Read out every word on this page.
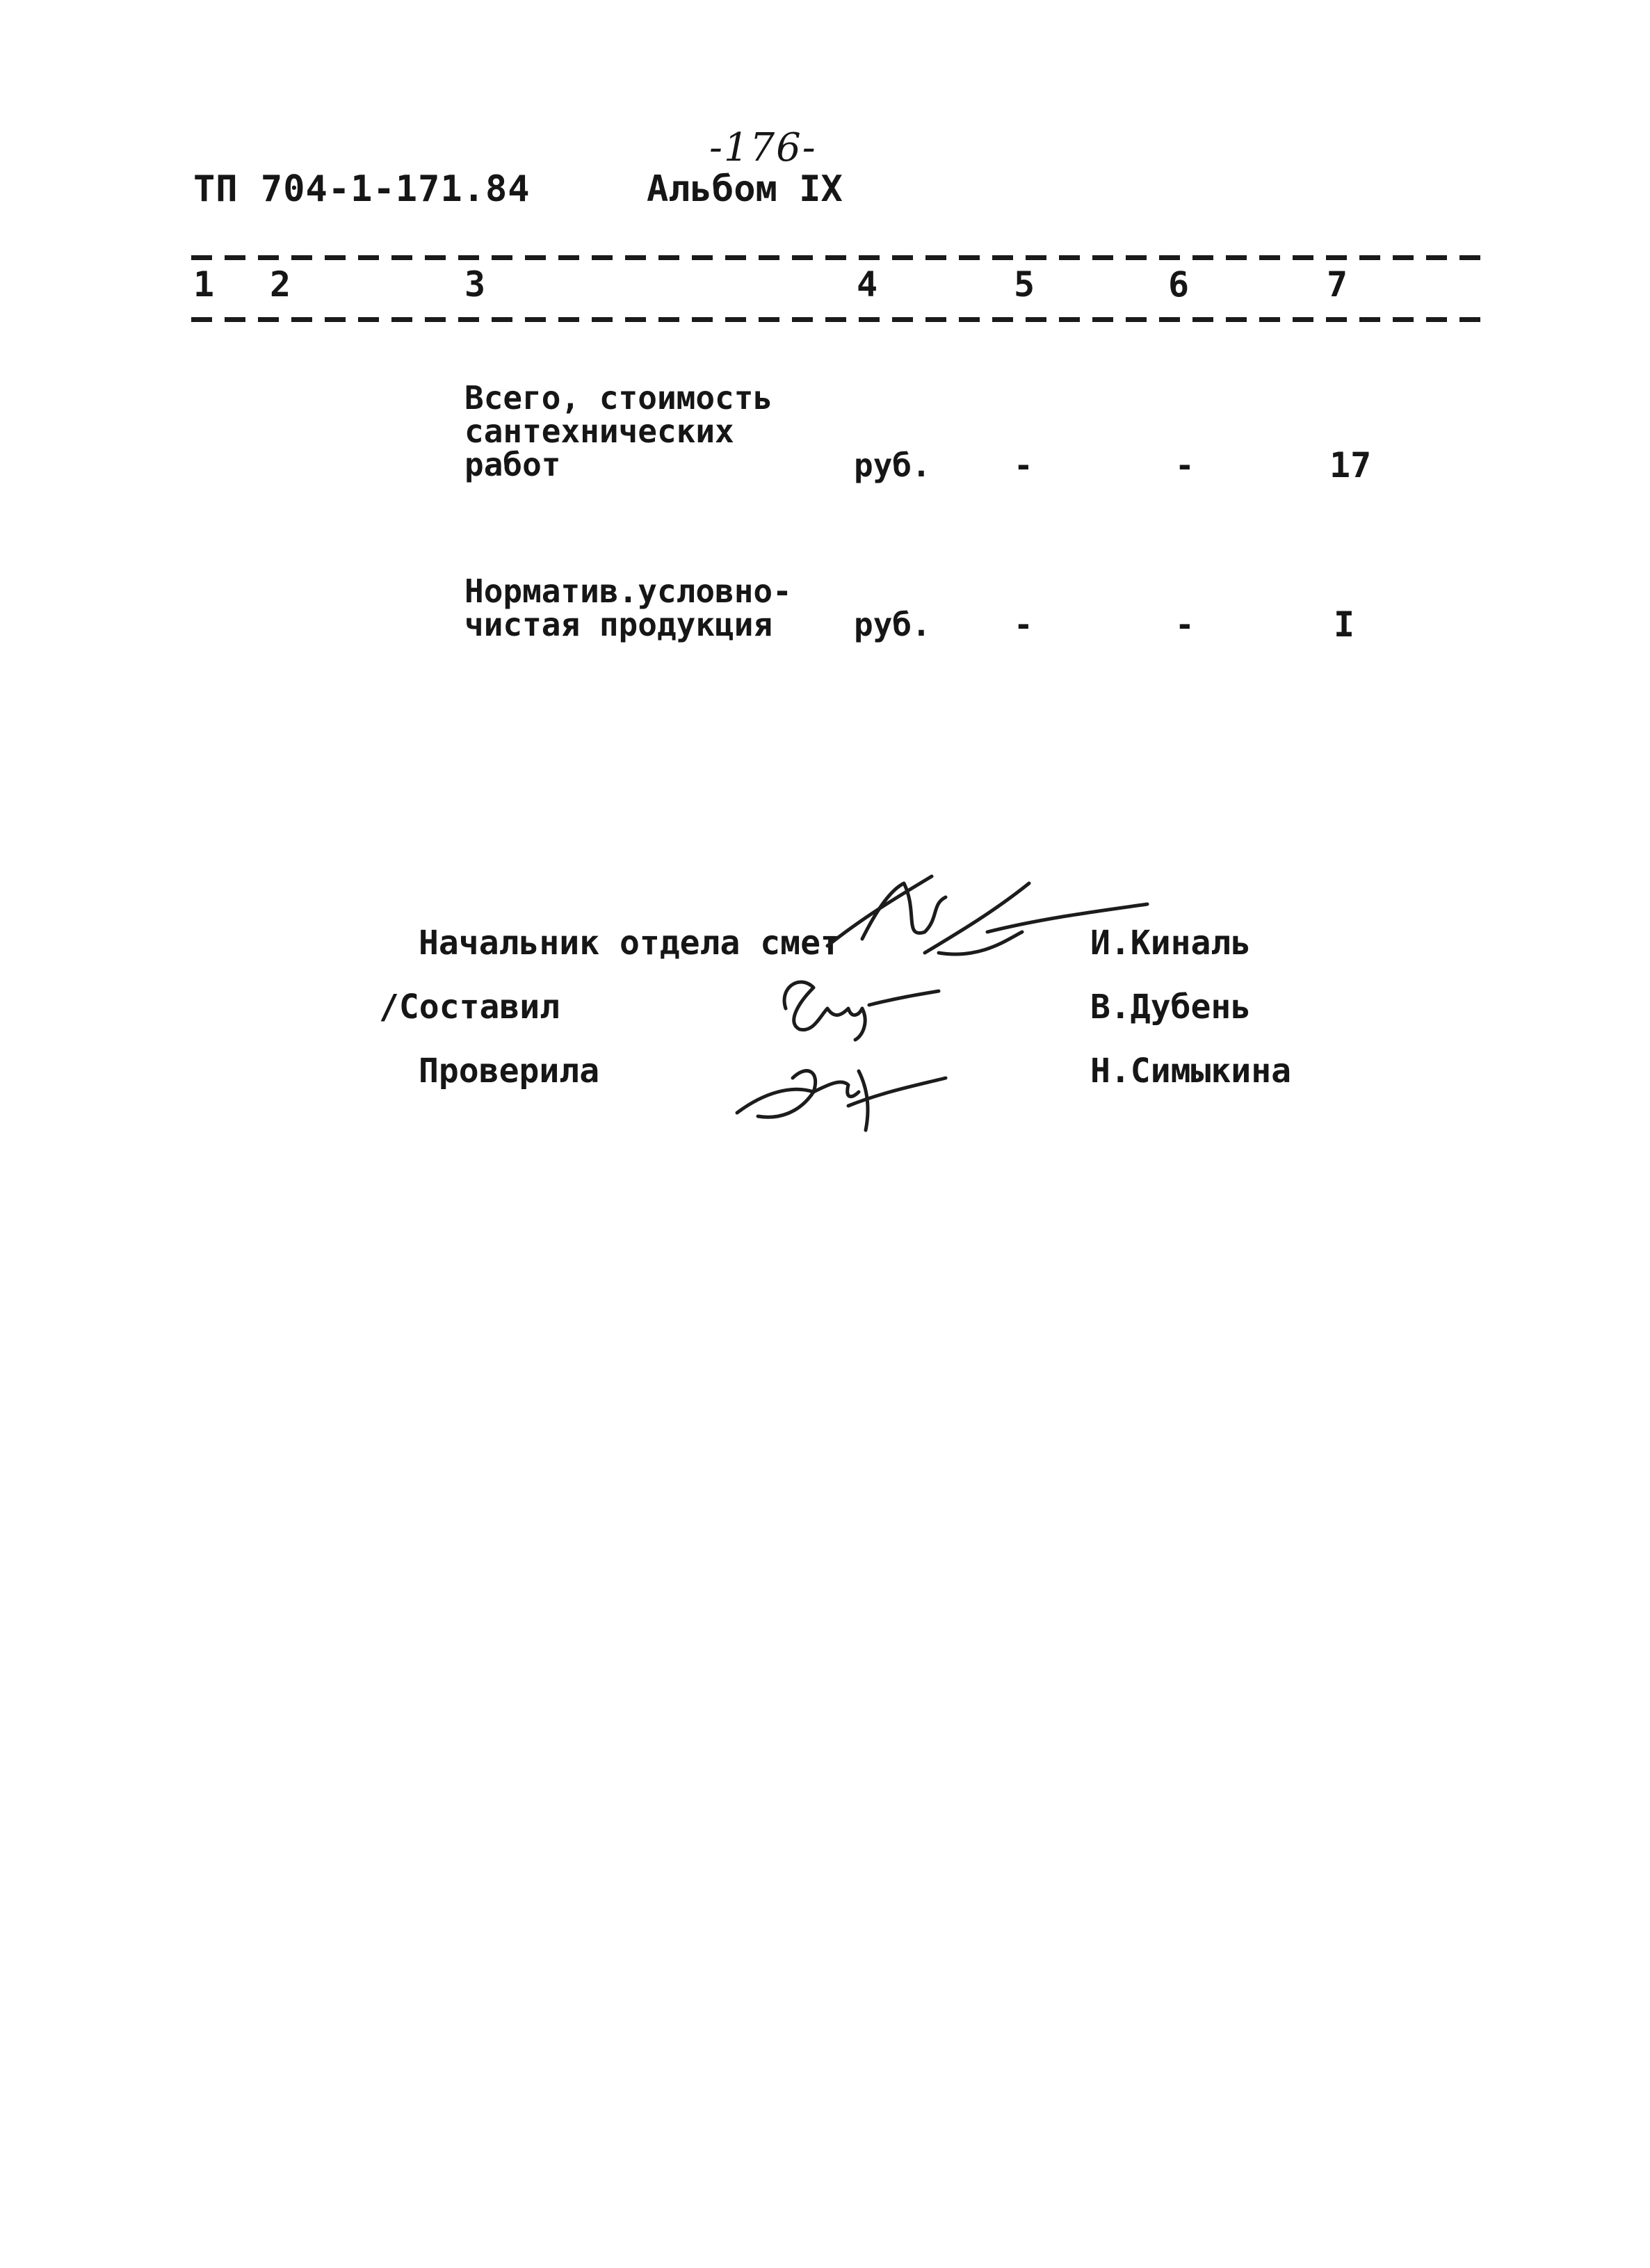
-176-
ТП 704-1-171.84	Альбом IX
1 2	3	4	5	6	7
Всего, стоимость
сантехнических
работ	руб.	-	-	17
Норматив.условно-
чистая продукция	руб.	-	-	I
Начальник отдела смет	И.Киналь
/Составил	В.Дубень
Проверила	Н.Симыкина
